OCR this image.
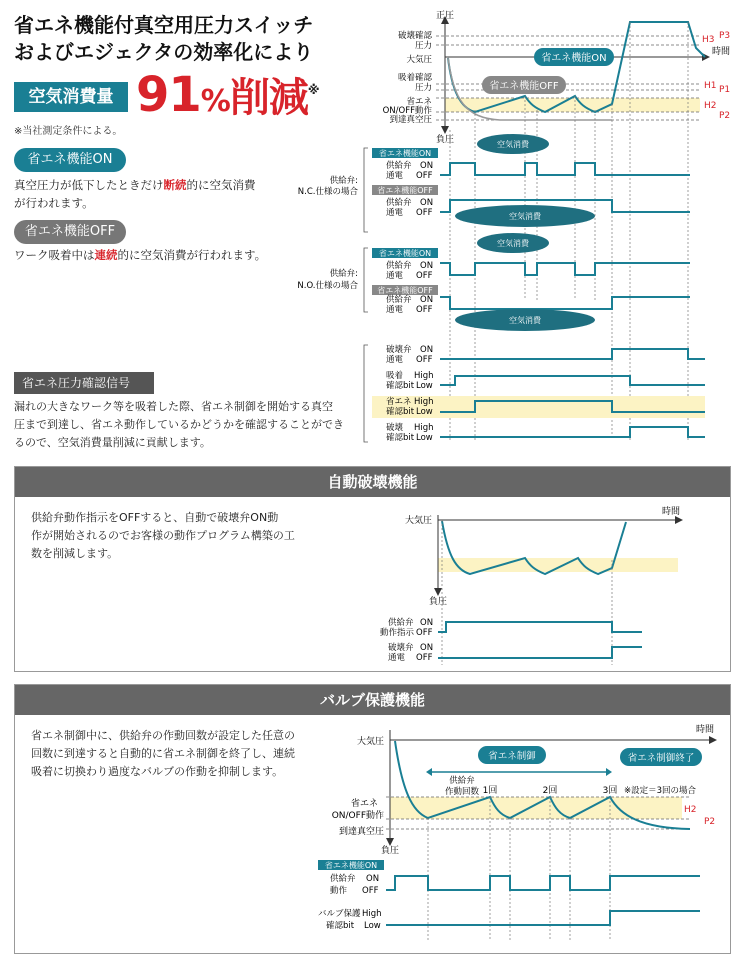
省エネ機能付真空用圧力スイッチ
およびエジェクタの効率化により
空気消費量 91%削減※
※当社測定条件による。
省エネ機能ON
真空圧力が低下したときだけ断続的に空気消費
が行われます。
省エネ機能OFF
ワーク吸着中は連続的に空気消費が行われます。
省エネ圧力確認信号
漏れの大きなワーク等を吸着した際、省エネ制御を開始する真空
圧まで到達し、省エネ動作しているかどうかを確認することができ
るので、空気消費量削減に貢献します。
正圧
負圧
時間
破壊確認
圧力
大気圧
吸着確認
圧力
省エネ
ON/OFF動作
到達真空圧
H3 P3
H1 P1
H2
P2
省エネ機能ON
省エネ機能OFF
供給弁:
N.C.仕様の場合
省エネ機能ON
供給弁 ON
通電 OFF
空気消費
省エネ機能OFF
供給弁 ON
通電 OFF	空気消費
供給弁:
N.O.仕様の場合
省エネ機能ON
供給弁 ON
通電 OFF
空気消費
省エネ機能OFF
供給弁 ON
通電 OFF
空気消費
破壊弁 ON
通電 OFF
吸着 High
確認bit Low
省エネ High
確認bit Low
破壊 High
確認bit Low
自動破壊機能
供給弁動作指示をOFFすると、自動で破壊弁ON動
作が開始されるのでお客様の動作プログラム構築の工
数を削減します。
時間
大気圧
負圧
供給弁 ON
動作指示 OFF
破壊弁 ON
通電 OFF
バルブ保護機能
省エネ制御中に、供給弁の作動回数が設定した任意の
回数に到達すると自動的に省エネ制御を終了し、連続
吸着に切換わり過度なバルブの作動を抑制します。
時間
大気圧
省エネ
ON/OFF動作
到達真空圧
負圧
H2
P2
省エネ制御	省エネ制御終了
供給弁
作動回数 1回	2回	3回 ※設定＝3回の場合
省エネ機能ON
供給弁 ON
動作 OFF
バルブ保護 High
確認bit Low
